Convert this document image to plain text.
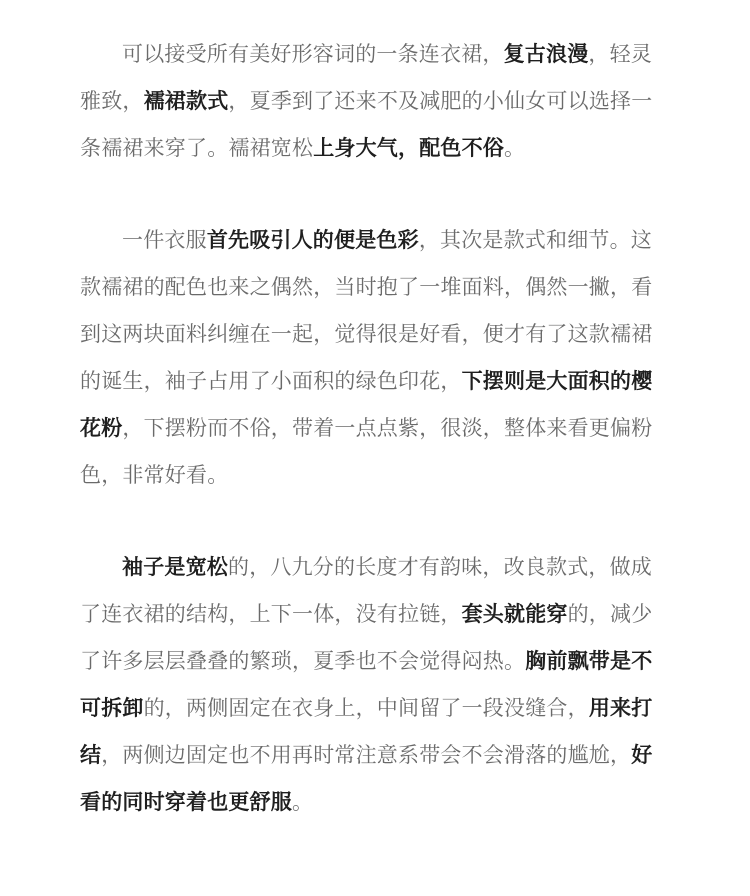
可以接受所有美好形容词的一条连衣裙，复古浪漫，轻灵雅致，襦裙款式，夏季到了还来不及减肥的小仙女可以选择一条襦裙来穿了。襦裙宽松上身大气，配色不俗。

一件衣服首先吸引人的便是色彩，其次是款式和细节。这款襦裙的配色也来之偶然，当时抱了一堆面料，偶然一撇，看到这两块面料纠缠在一起，觉得很是好看，便才有了这款襦裙的诞生，袖子占用了小面积的绿色印花，下摆则是大面积的樱花粉，下摆粉而不俗，带着一点点紫，很淡，整体来看更偏粉色，非常好看。

袖子是宽松的，八九分的长度才有韵味，改良款式，做成了连衣裙的结构，上下一体，没有拉链，套头就能穿的，减少了许多层层叠叠的繁琐，夏季也不会觉得闷热。胸前飘带是不可拆卸的，两侧固定在衣身上，中间留了一段没缝合，用来打结，两侧边固定也不用再时常注意系带会不会滑落的尴尬，好看的同时穿着也更舒服。
